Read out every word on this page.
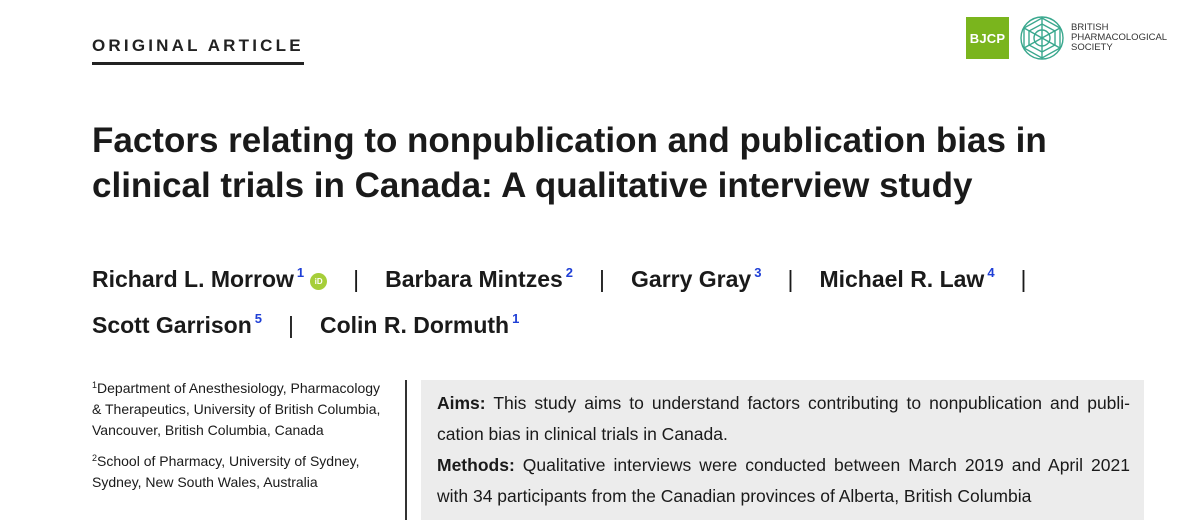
ORIGINAL ARTICLE	BJCP
BRITISH
PHARMACOLOGICAL
SOCIETY
Factors relating to nonpublication and publication bias in
clinical trials in Canada: A qualitative interview study
Richard L. Morrow $^1$iD | Barbara Mintzes $^2$ | Garry Gray $^3$ | Michael R. Law $^4$ |
Scott Garrison $^5$ | Colin R. Dormuth $^1$
$^1$Department of Anesthesiology, Pharmacology & Therapeutics, University of British Columbia, Vancouver, British Columbia, Canada
$^2$School of Pharmacy, University of Sydney, Sydney, New South Wales, Australia

Aims: This study aims to understand factors contributing to nonpublication and publi-cation bias in clinical trials in Canada.

Methods: Qualitative interviews were conducted between March 2019 and April 2021 with 34 participants from the Canadian provinces of Alberta, British Columbia
